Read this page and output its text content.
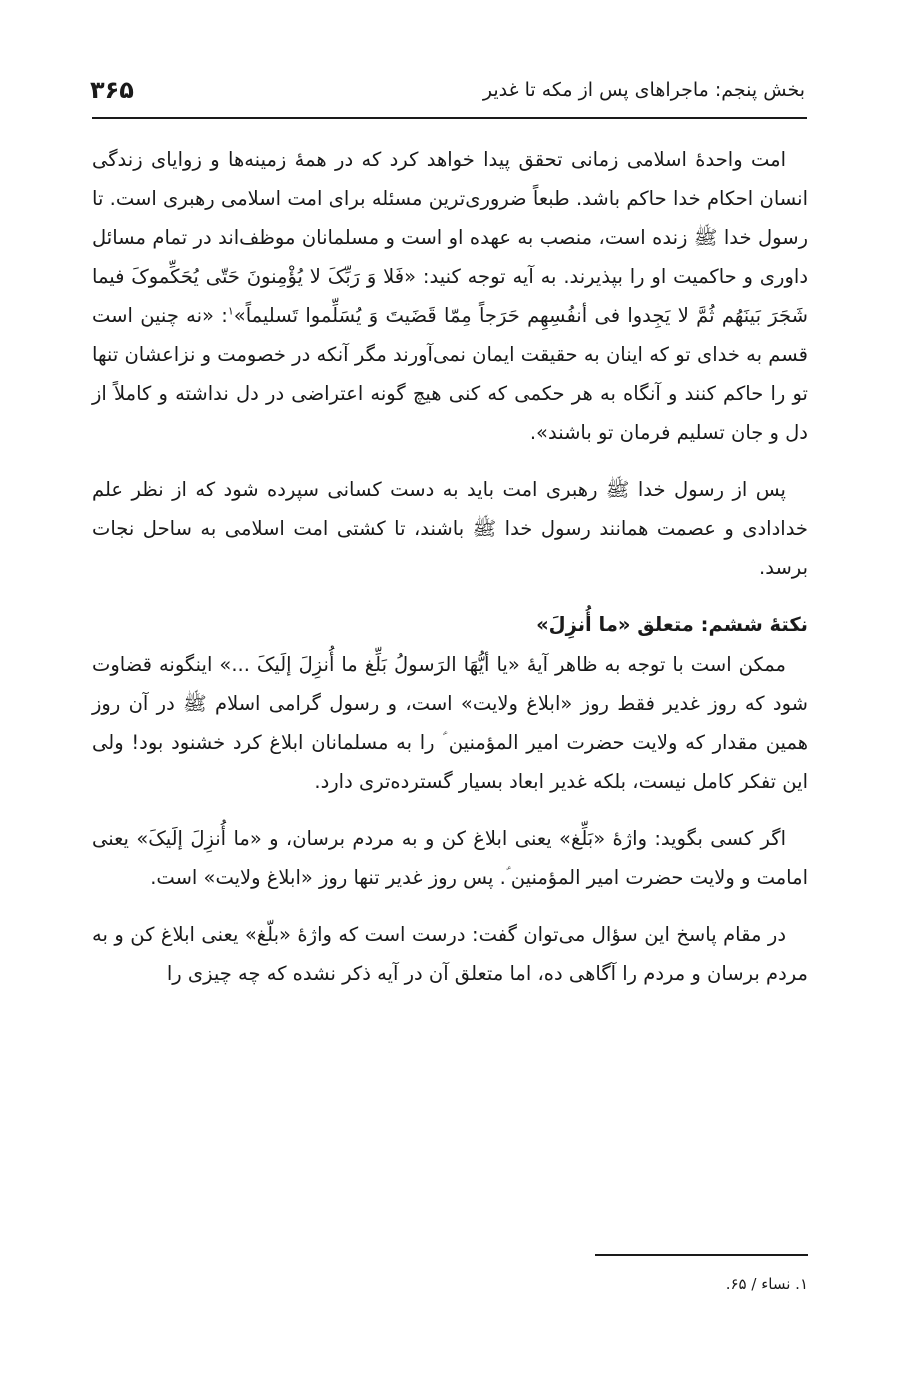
بخش پنجم: ماجراهای پس از مکه تا غدیر
۳۶۵

امت واحدهٔ اسلامی زمانی تحقق پیدا خواهد کرد که در همهٔ زمینه‌ها و زوایای زندگی انسان احکام خدا حاکم باشد. طبعاً ضروری‌ترین مسئله برای امت اسلامی رهبری است. تا رسول خدا ﷺ زنده است، منصب به عهده او است و مسلمانان موظف‌اند در تمام مسائل داوری و حاکمیت او را بپذیرند. به آیه توجه کنید: «فَلا وَ رَبِّکَ لا یُؤْمِنونَ حَتّی یُحَکِّموکَ فیما شَجَرَ بَینَهُم ثُمَّ لا یَجِدوا فی أنفُسِهِم حَرَجاً مِمّا قَضَیتَ وَ یُسَلِّموا تَسلیماً»$^۱$: «نه چنین است قسم به خدای تو که اینان به حقیقت ایمان نمی‌آورند مگر آنکه در خصومت و نزاعشان تنها تو را حاکم کنند و آنگاه به هر حکمی که کنی هیچ گونه اعتراضی در دل نداشته و کاملاً از دل و جان تسلیم فرمان تو باشند».

پس از رسول خدا ﷺ رهبری امت باید به دست کسانی سپرده شود که از نظر علم خدادادی و عصمت همانند رسول خدا ﷺ باشند، تا کشتی امت اسلامی به ساحل نجات برسد.

نکتهٔ ششم: متعلق «ما أُنزِلَ»

ممکن است با توجه به ظاهر آیهٔ «یا أیُّهَا الرَسولُ بَلِّغ ما أُنزِلَ إلَیکَ ...» اینگونه قضاوت شود که روز غدیر فقط روز «ابلاغ ولایت» است، و رسول گرامی اسلام ﷺ در آن روز همین مقدار که ولایت حضرت امیر المؤمنین ؑ را به مسلمانان ابلاغ کرد خشنود بود! ولی این تفکر کامل نیست، بلکه غدیر ابعاد بسیار گسترده‌تری دارد.

اگر کسی بگوید: واژهٔ «بَلِّغ» یعنی ابلاغ کن و به مردم برسان، و «ما أُنزِلَ إلَیکَ» یعنی امامت و ولایت حضرت امیر المؤمنین ؑ. پس روز غدیر تنها روز «ابلاغ ولایت» است.

در مقام پاسخ این سؤال می‌توان گفت: درست است که واژهٔ «بلّغ» یعنی ابلاغ کن و به مردم برسان و مردم را آگاهی ده، اما متعلق آن در آیه ذکر نشده که چه چیزی را

۱. نساء / ۶۵.
